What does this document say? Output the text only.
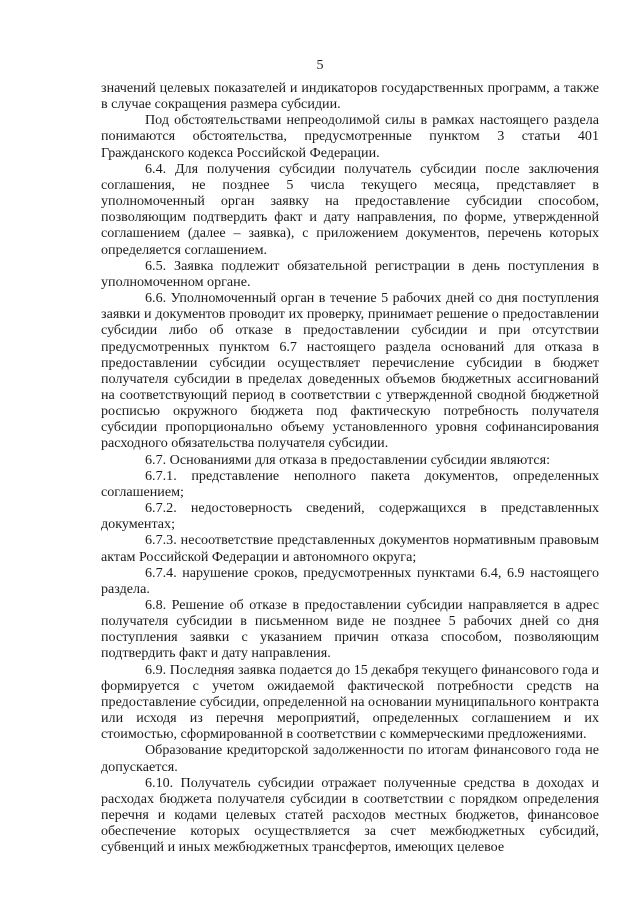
5

значений целевых показателей и индикаторов государственных программ, а также в случае сокращения размера субсидии.

Под обстоятельствами непреодолимой силы в рамках настоящего раздела понимаются обстоятельства, предусмотренные пунктом 3 статьи 401 Гражданского кодекса Российской Федерации.

6.4. Для получения субсидии получатель субсидии после заключения соглашения, не позднее 5 числа текущего месяца, представляет в уполномоченный орган заявку на предоставление субсидии способом, позволяющим подтвердить факт и дату направления, по форме, утвержденной соглашением (далее – заявка), с приложением документов, перечень которых определяется соглашением.

6.5. Заявка подлежит обязательной регистрации в день поступления в уполномоченном органе.

6.6. Уполномоченный орган в течение 5 рабочих дней со дня поступления заявки и документов проводит их проверку, принимает решение о предоставлении субсидии либо об отказе в предоставлении субсидии и при отсутствии предусмотренных пунктом 6.7 настоящего раздела оснований для отказа в предоставлении субсидии осуществляет перечисление субсидии в бюджет получателя субсидии в пределах доведенных объемов бюджетных ассигнований на соответствующий период в соответствии с утвержденной сводной бюджетной росписью окружного бюджета под фактическую потребность получателя субсидии пропорционально объему установленного уровня софинансирования расходного обязательства получателя субсидии.

6.7. Основаниями для отказа в предоставлении субсидии являются:

6.7.1. представление неполного пакета документов, определенных соглашением;

6.7.2. недостоверность сведений, содержащихся в представленных документах;

6.7.3. несоответствие представленных документов нормативным правовым актам Российской Федерации и автономного округа;

6.7.4. нарушение сроков, предусмотренных пунктами 6.4, 6.9 настоящего раздела.

6.8. Решение об отказе в предоставлении субсидии направляется в адрес получателя субсидии в письменном виде не позднее 5 рабочих дней со дня поступления заявки с указанием причин отказа способом, позволяющим подтвердить факт и дату направления.

6.9. Последняя заявка подается до 15 декабря текущего финансового года и формируется с учетом ожидаемой фактической потребности средств на предоставление субсидии, определенной на основании муниципального контракта или исходя из перечня мероприятий, определенных соглашением и их стоимостью, сформированной в соответствии с коммерческими предложениями.

Образование кредиторской задолженности по итогам финансового года не допускается.

6.10. Получатель субсидии отражает полученные средства в доходах и расходах бюджета получателя субсидии в соответствии с порядком определения перечня и кодами целевых статей расходов местных бюджетов, финансовое обеспечение которых осуществляется за счет межбюджетных субсидий, субвенций и иных межбюджетных трансфертов, имеющих целевое
